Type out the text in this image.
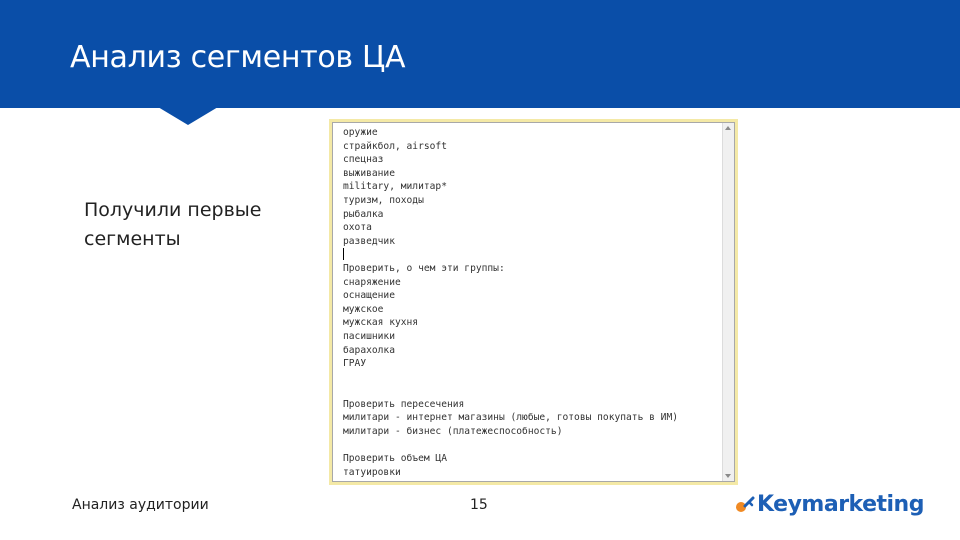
Анализ сегментов ЦА

Получили первые сегменты

оружие
страйкбол, airsoft
спецназ
выживание
military, милитар*
туризм, походы
рыбалка
охота
разведчик
Проверить, о чем эти группы:
снаряжение
оснащение
мужское
мужская кухня
пасишники
барахолка
ГРАУ
Проверить пересечения
милитари - интернет магазины (любые, готовы покупать в ИМ)
милитари - бизнес (платежеспособность)
Проверить объем ЦА
татуировки

Анализ аудитории	15	Keymarketing
